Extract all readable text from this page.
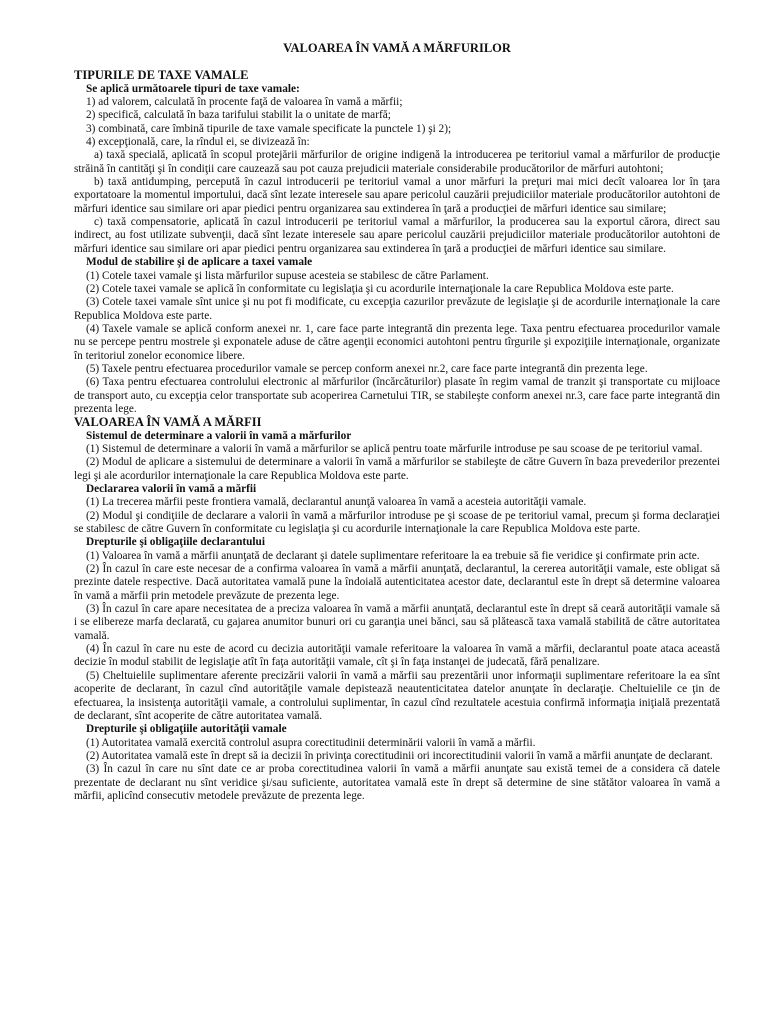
VALOAREA ÎN VAMĂ A MĂRFURILOR

TIPURILE DE TAXE VAMALE

Se aplică următoarele tipuri de taxe vamale:

1) ad valorem, calculată în procente faţă de valoarea în vamă a mărfii;

2) specifică, calculată în baza tarifului stabilit la o unitate de marfă;

3) combinată, care îmbină tipurile de taxe vamale specificate la punctele 1) şi 2);

4) excepţională, care, la rîndul ei, se divizează în:

a) taxă specială, aplicată în scopul protejării mărfurilor de origine indigenă la introducerea pe teritoriul vamal a mărfurilor de producţie străină în cantităţi şi în condiţii care cauzează sau pot cauza prejudicii materiale considerabile producătorilor de mărfuri autohtoni;

b) taxă antidumping, percepută în cazul introducerii pe teritoriul vamal a unor mărfuri la preţuri mai mici decît valoarea lor în ţara exportatoare la momentul importului, dacă sînt lezate interesele sau apare pericolul cauzării prejudiciilor materiale producătorilor autohtoni de mărfuri identice sau similare ori apar piedici pentru organizarea sau extinderea în ţară a producţiei de mărfuri identice sau similare;

c) taxă compensatorie, aplicată în cazul introducerii pe teritoriul vamal a mărfurilor, la producerea sau la exportul cărora, direct sau indirect, au fost utilizate subvenţii, dacă sînt lezate interesele sau apare pericolul cauzării prejudiciilor materiale producătorilor autohtoni de mărfuri identice sau similare ori apar piedici pentru organizarea sau extinderea în ţară a producţiei de mărfuri identice sau similare.

Modul de stabilire şi de aplicare a taxei vamale

(1) Cotele taxei vamale şi lista mărfurilor supuse acesteia se stabilesc de către Parlament.

(2) Cotele taxei vamale se aplică în conformitate cu legislaţia şi cu acordurile internaţionale la care Republica Moldova este parte.

(3) Cotele taxei vamale sînt unice şi nu pot fi modificate, cu excepţia cazurilor prevăzute de legislaţie şi de acordurile internaţionale la care Republica Moldova este parte.

(4) Taxele vamale se aplică conform anexei nr. 1, care face parte integrantă din prezenta lege. Taxa pentru efectuarea procedurilor vamale nu se percepe pentru mostrele şi exponatele aduse de către agenţii economici autohtoni pentru tîrgurile şi expoziţiile internaţionale, organizate în teritoriul zonelor economice libere.

(5) Taxele pentru efectuarea procedurilor vamale se percep conform anexei nr.2, care face parte integrantă din prezenta lege.

(6) Taxa pentru efectuarea controlului electronic al mărfurilor (încărcăturilor) plasate în regim vamal de tranzit şi transportate cu mijloace de transport auto, cu excepţia celor transportate sub acoperirea Carnetului TIR, se stabileşte conform anexei nr.3, care face parte integrantă din prezenta lege.

VALOAREA ÎN VAMĂ A MĂRFII

Sistemul de determinare a valorii în vamă a mărfurilor

(1) Sistemul de determinare a valorii în vamă a mărfurilor se aplică pentru toate mărfurile introduse pe sau scoase de pe teritoriul vamal.

(2) Modul de aplicare a sistemului de determinare a valorii în vamă a mărfurilor se stabileşte de către Guvern în baza prevederilor prezentei legi şi ale acordurilor internaţionale la care Republica Moldova este parte.

Declararea valorii în vamă a mărfii

(1) La trecerea mărfii peste frontiera vamală, declarantul anunţă valoarea în vamă a acesteia autorităţii vamale.

(2) Modul şi condiţiile de declarare a valorii în vamă a mărfurilor introduse pe şi scoase de pe teritoriul vamal, precum şi forma declaraţiei se stabilesc de către Guvern în conformitate cu legislaţia şi cu acordurile internaţionale la care Republica Moldova este parte.

Drepturile şi obligaţiile declarantului

(1) Valoarea în vamă a mărfii anunţată de declarant şi datele suplimentare referitoare la ea trebuie să fie veridice şi confirmate prin acte.

(2) În cazul în care este necesar de a confirma valoarea în vamă a mărfii anunţată, declarantul, la cererea autorităţii vamale, este obligat să prezinte datele respective. Dacă autoritatea vamală pune la îndoială autenticitatea acestor date, declarantul este în drept să determine valoarea în vamă a mărfii prin metodele prevăzute de prezenta lege.

(3) În cazul în care apare necesitatea de a preciza valoarea în vamă a mărfii anunţată, declarantul este în drept să ceară autorităţii vamale să i se elibereze marfa declarată, cu gajarea anumitor bunuri ori cu garanţia unei bănci, sau să plătească taxa vamală stabilită de către autoritatea vamală.

(4) În cazul în care nu este de acord cu decizia autorităţii vamale referitoare la valoarea în vamă a mărfii, declarantul poate ataca această decizie în modul stabilit de legislaţie atît în faţa autorităţii vamale, cît şi în faţa instanţei de judecată, fără penalizare.

(5) Cheltuielile suplimentare aferente precizării valorii în vamă a mărfii sau prezentării unor informaţii suplimentare referitoare la ea sînt acoperite de declarant, în cazul cînd autorităţile vamale depistează neautenticitatea datelor anunţate în declaraţie. Cheltuielile ce ţin de efectuarea, la insistenţa autorităţii vamale, a controlului suplimentar, în cazul cînd rezultatele acestuia confirmă informaţia iniţială prezentată de declarant, sînt acoperite de către autoritatea vamală.

Drepturile şi obligaţiile autorităţii vamale

(1) Autoritatea vamală exercită controlul asupra corectitudinii determinării valorii în vamă a mărfii.

(2) Autoritatea vamală este în drept să ia decizii în privinţa corectitudinii ori incorectitudinii valorii în vamă a mărfii anunţate de declarant.

(3) În cazul în care nu sînt date ce ar proba corectitudinea valorii în vamă a mărfii anunţate sau există temei de a considera că datele prezentate de declarant nu sînt veridice şi/sau suficiente, autoritatea vamală este în drept să determine de sine stătător valoarea în vamă a mărfii, aplicînd consecutiv metodele prevăzute de prezenta lege.
